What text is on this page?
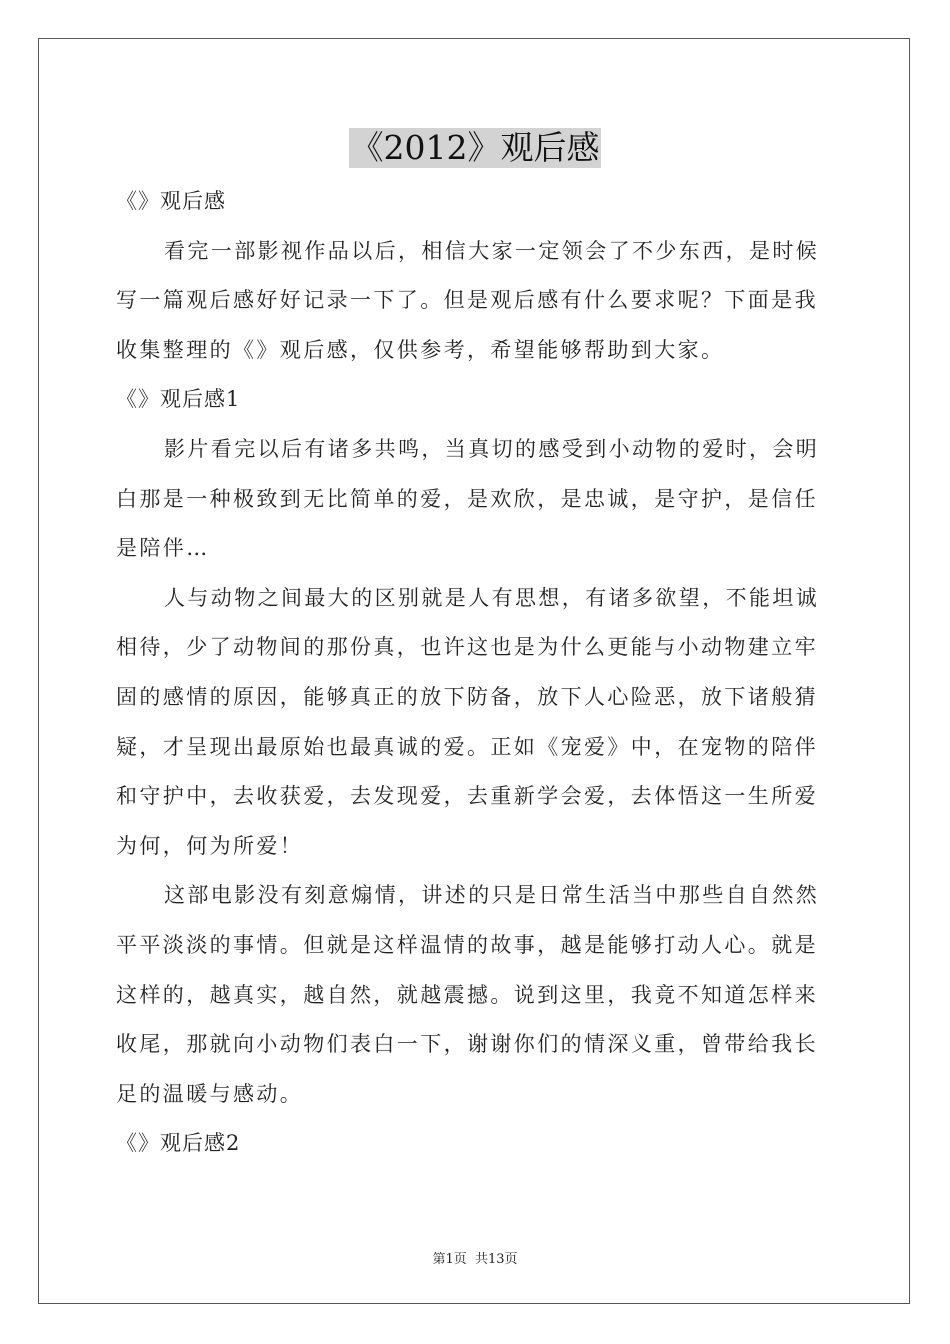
《2012》观后感
《》观后感
看完一部影视作品以后，相信大家一定领会了不少东西，是时候
写一篇观后感好好记录一下了。但是观后感有什么要求呢？下面是我
收集整理的《》观后感，仅供参考，希望能够帮助到大家。
《》观后感1
影片看完以后有诸多共鸣，当真切的感受到小动物的爱时，会明
白那是一种极致到无比简单的爱，是欢欣，是忠诚，是守护，是信任
是陪伴…
人与动物之间最大的区别就是人有思想，有诸多欲望，不能坦诚
相待，少了动物间的那份真，也许这也是为什么更能与小动物建立牢
固的感情的原因，能够真正的放下防备，放下人心险恶，放下诸般猜
疑，才呈现出最原始也最真诚的爱。正如《宠爱》中，在宠物的陪伴
和守护中，去收获爱，去发现爱，去重新学会爱，去体悟这一生所爱
为何，何为所爱！
这部电影没有刻意煽情，讲述的只是日常生活当中那些自自然然
平平淡淡的事情。但就是这样温情的故事，越是能够打动人心。就是
这样的，越真实，越自然，就越震撼。说到这里，我竟不知道怎样来
收尾，那就向小动物们表白一下，谢谢你们的情深义重，曾带给我长
足的温暖与感动。
《》观后感2
第1页 共13页
